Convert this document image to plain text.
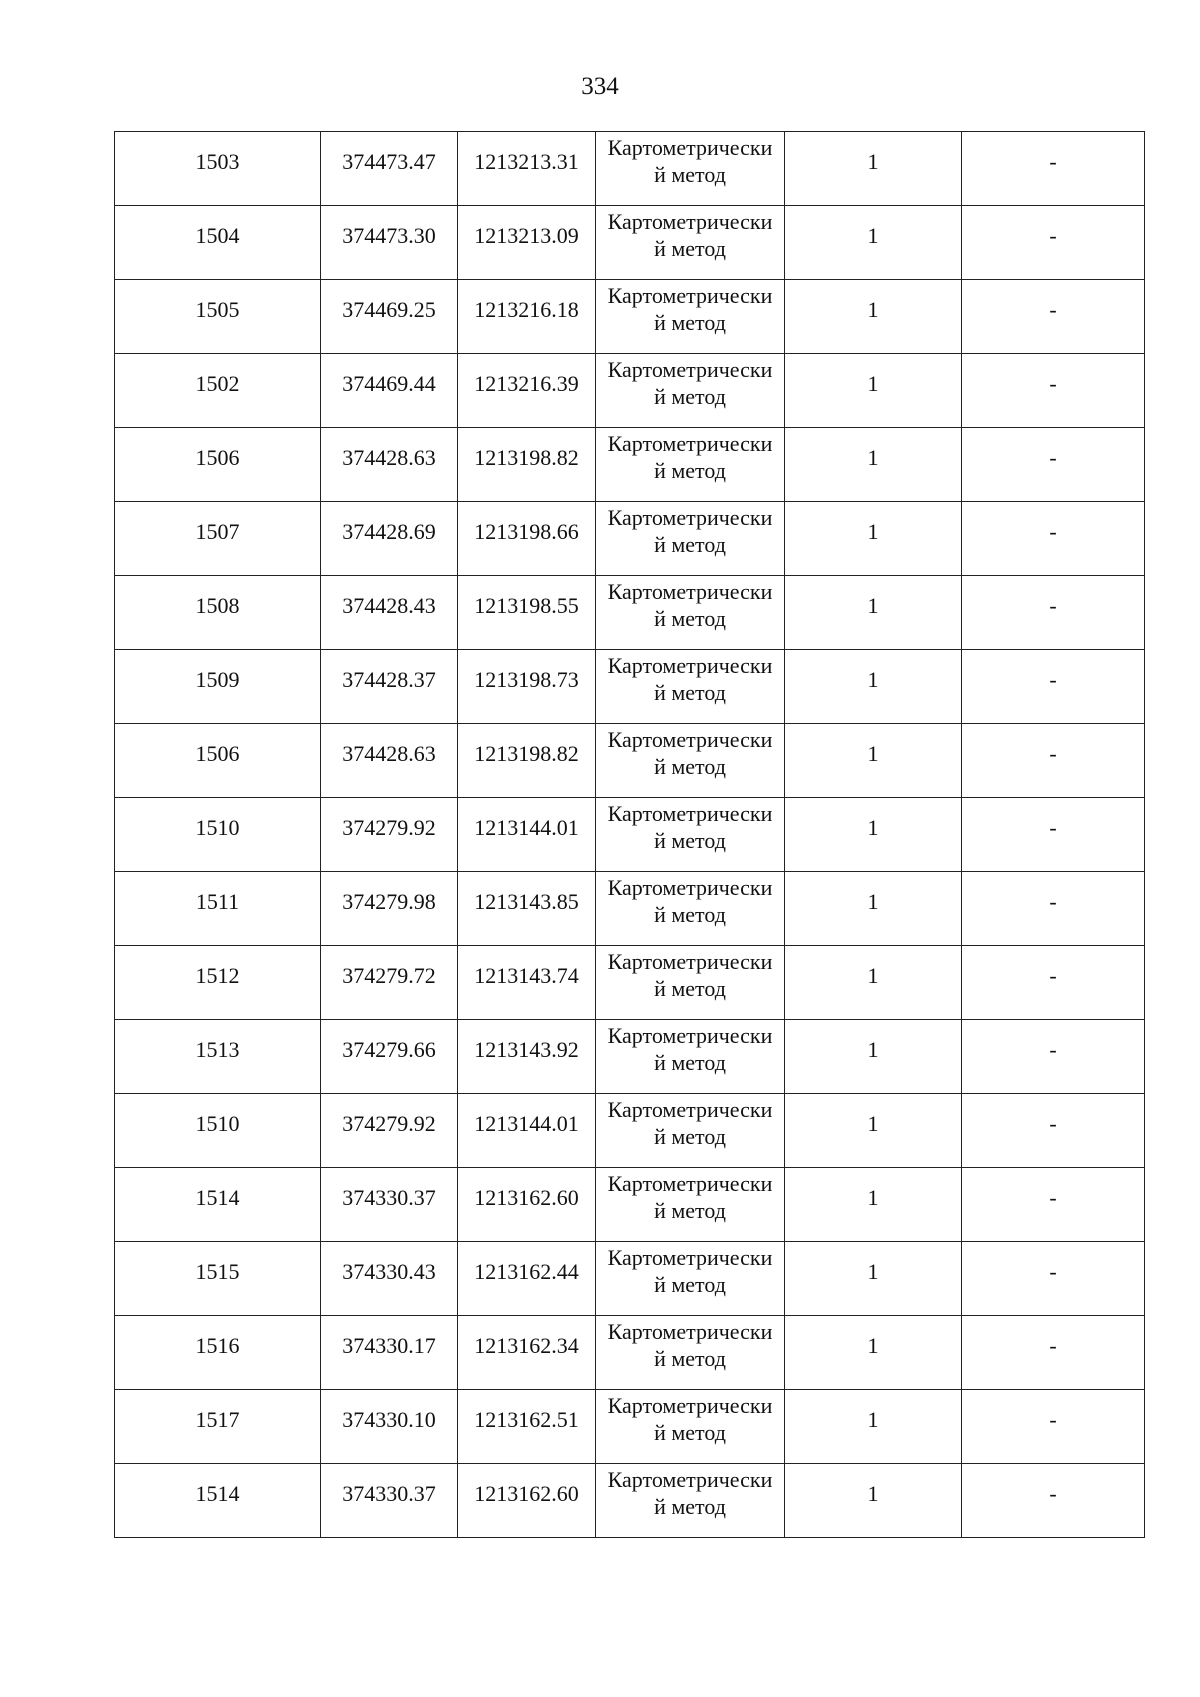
334
1503	374473.47	1213213.31	Картометрически
й метод	1	-

1504	374473.30	1213213.09	Картометрически
й метод	1	-

1505	374469.25	1213216.18	Картометрически
й метод	1	-

1502	374469.44	1213216.39	Картометрически
й метод	1	-

1506	374428.63	1213198.82	Картометрически
й метод	1	-

1507	374428.69	1213198.66	Картометрически
й метод	1	-

1508	374428.43	1213198.55	Картометрически
й метод	1	-

1509	374428.37	1213198.73	Картометрически
й метод	1	-

1506	374428.63	1213198.82	Картометрически
й метод	1	-

1510	374279.92	1213144.01	Картометрически
й метод	1	-

1511	374279.98	1213143.85	Картометрически
й метод	1	-

1512	374279.72	1213143.74	Картометрически
й метод	1	-

1513	374279.66	1213143.92	Картометрически
й метод	1	-

1510	374279.92	1213144.01	Картометрически
й метод	1	-

1514	374330.37	1213162.60	Картометрически
й метод	1	-

1515	374330.43	1213162.44	Картометрически
й метод	1	-

1516	374330.17	1213162.34	Картометрически
й метод	1	-

1517	374330.10	1213162.51	Картометрически
й метод	1	-

1514	374330.37	1213162.60	Картометрически
й метод	1	-
